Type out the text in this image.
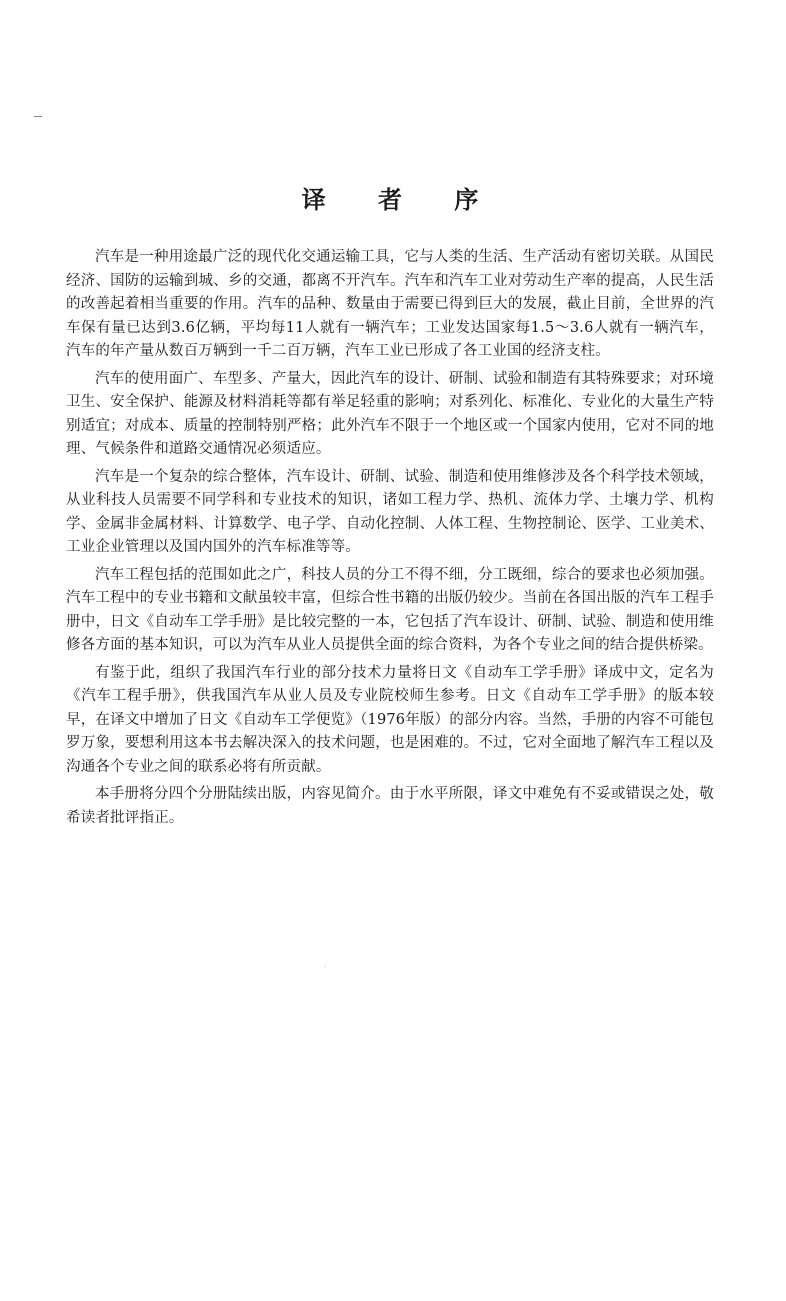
译 者 序

汽车是一种用途最广泛的现代化交通运输工具，它与人类的生活、生产活动有密切关联。从国民经济、国防的运输到城、乡的交通，都离不开汽车。汽车和汽车工业对劳动生产率的提高，人民生活的改善起着相当重要的作用。汽车的品种、数量由于需要已得到巨大的发展，截止目前，全世界的汽车保有量已达到3.6亿辆，平均每11人就有一辆汽车；工业发达国家每1.5～3.6人就有一辆汽车，汽车的年产量从数百万辆到一千二百万辆，汽车工业已形成了各工业国的经济支柱。

汽车的使用面广、车型多、产量大，因此汽车的设计、研制、试验和制造有其特殊要求；对环境卫生、安全保护、能源及材料消耗等都有举足轻重的影响；对系列化、标准化、专业化的大量生产特别适宜；对成本、质量的控制特别严格；此外汽车不限于一个地区或一个国家内使用，它对不同的地理、气候条件和道路交通情况必须适应。

汽车是一个复杂的综合整体，汽车设计、研制、试验、制造和使用维修涉及各个科学技术领域，从业科技人员需要不同学科和专业技术的知识，诸如工程力学、热机、流体力学、土壤力学、机构学、金属非金属材料、计算数学、电子学、自动化控制、人体工程、生物控制论、医学、工业美术、工业企业管理以及国内国外的汽车标准等等。

汽车工程包括的范围如此之广，科技人员的分工不得不细，分工既细，综合的要求也必须加强。汽车工程中的专业书籍和文献虽较丰富，但综合性书籍的出版仍较少。当前在各国出版的汽车工程手册中，日文《自动车工学手册》是比较完整的一本，它包括了汽车设计、研制、试验、制造和使用维修各方面的基本知识，可以为汽车从业人员提供全面的综合资料，为各个专业之间的结合提供桥梁。

有鉴于此，组织了我国汽车行业的部分技术力量将日文《自动车工学手册》译成中文，定名为《汽车工程手册》，供我国汽车从业人员及专业院校师生参考。日文《自动车工学手册》的版本较早，在译文中增加了日文《自动车工学便览》（1976年版）的部分内容。当然，手册的内容不可能包罗万象，要想利用这本书去解决深入的技术问题，也是困难的。不过，它对全面地了解汽车工程以及沟通各个专业之间的联系必将有所贡献。

本手册将分四个分册陆续出版，内容见简介。由于水平所限，译文中难免有不妥或错误之处，敬希读者批评指正。
